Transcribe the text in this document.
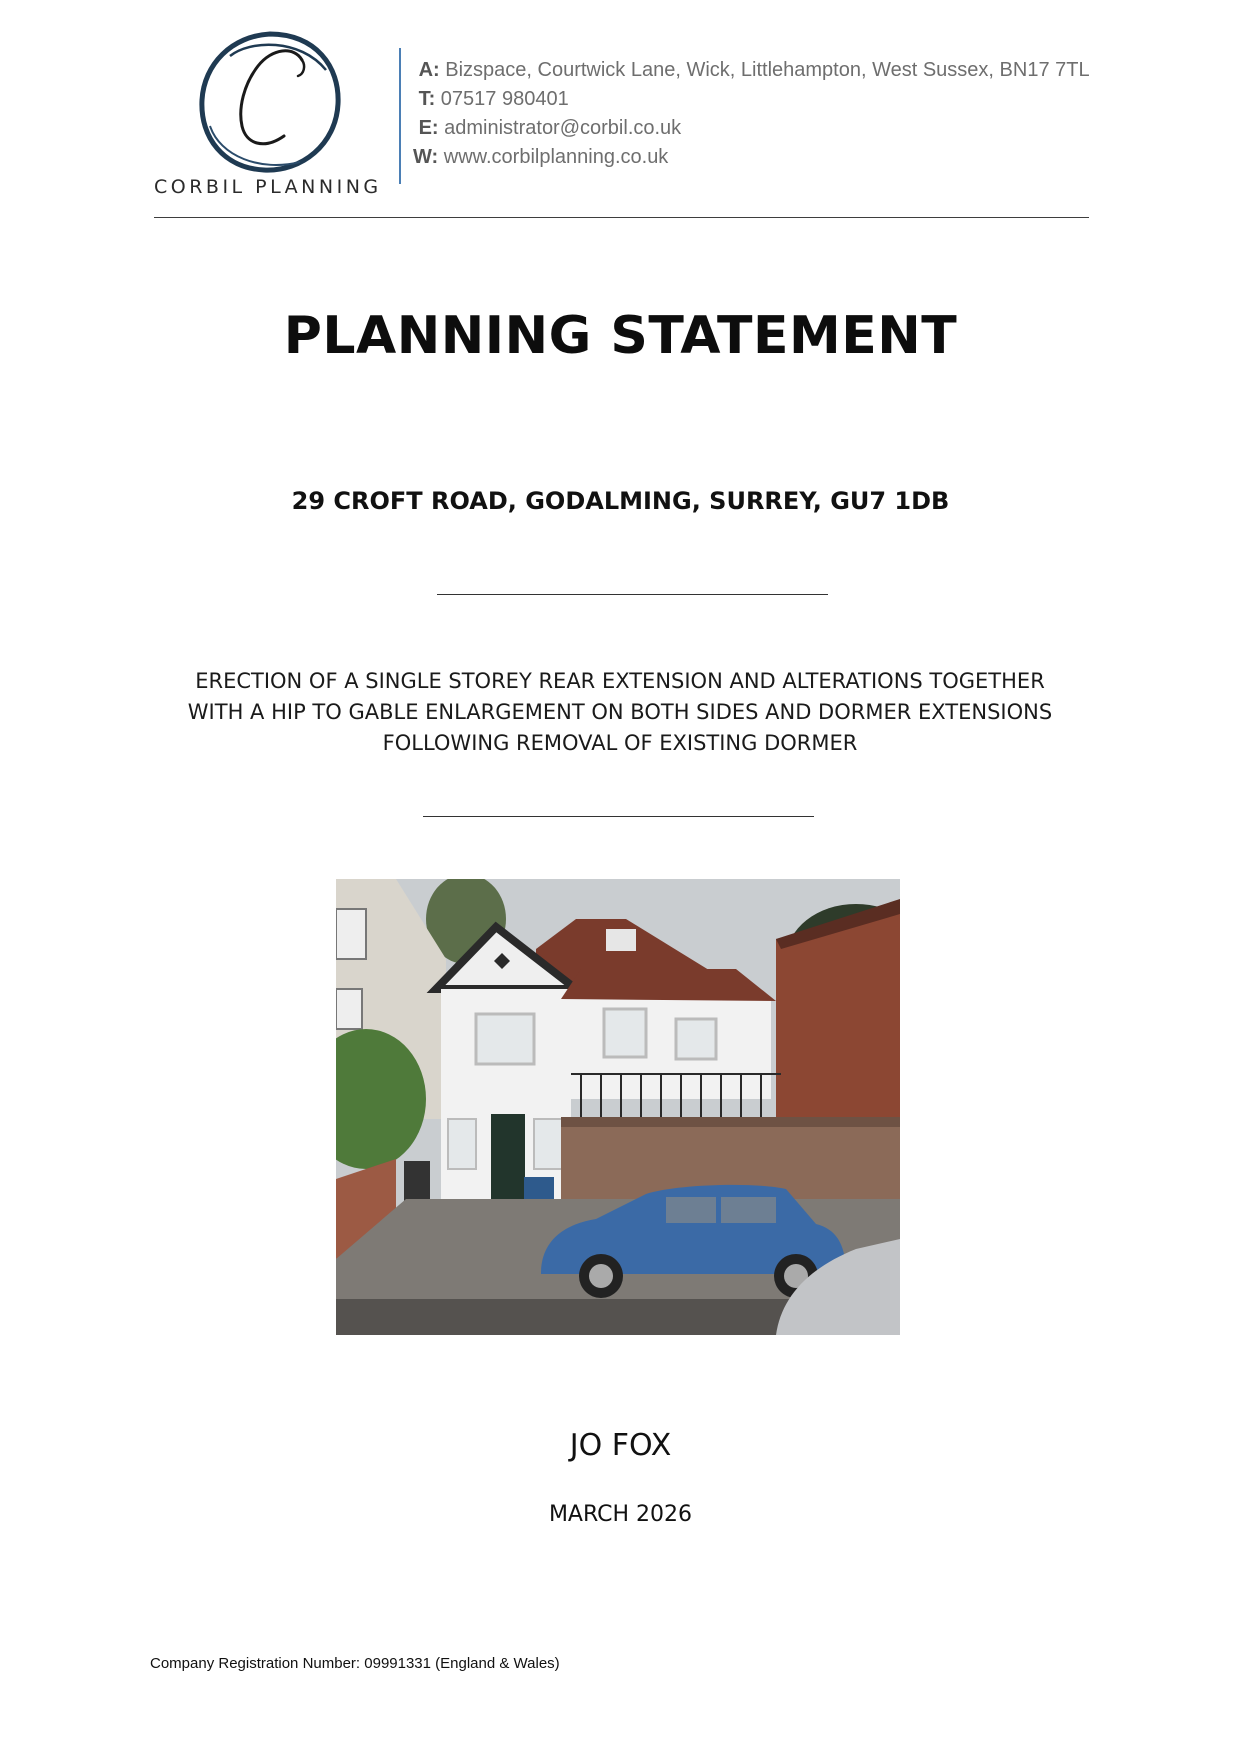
CORBIL PLANNING
A: Bizspace, Courtwick Lane, Wick, Littlehampton, West Sussex, BN17 7TL
T: 07517 980401
E: administrator@corbil.co.uk
W: www.corbilplanning.co.uk
PLANNING STATEMENT
29 CROFT ROAD, GODALMING, SURREY, GU7 1DB
ERECTION OF A SINGLE STOREY REAR EXTENSION AND ALTERATIONS TOGETHER
WITH A HIP TO GABLE ENLARGEMENT ON BOTH SIDES AND DORMER EXTENSIONS
FOLLOWING REMOVAL OF EXISTING DORMER
JO FOX
MARCH 2026
Company Registration Number: 09991331 (England & Wales)
